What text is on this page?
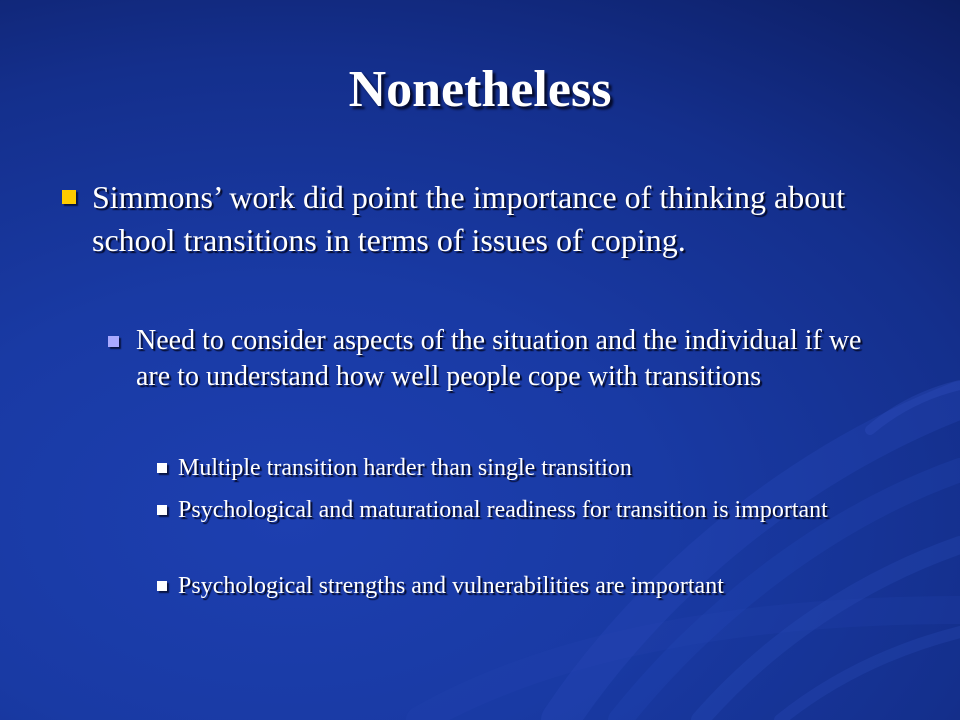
Nonetheless
Simmons’ work did point the importance of thinking about school transitions in terms of issues of coping.
Need to consider aspects of the situation and the individual if we are to understand how well people cope with transitions
Multiple transition harder than single transition
Psychological and maturational readiness for transition is important
Psychological strengths and vulnerabilities are important
